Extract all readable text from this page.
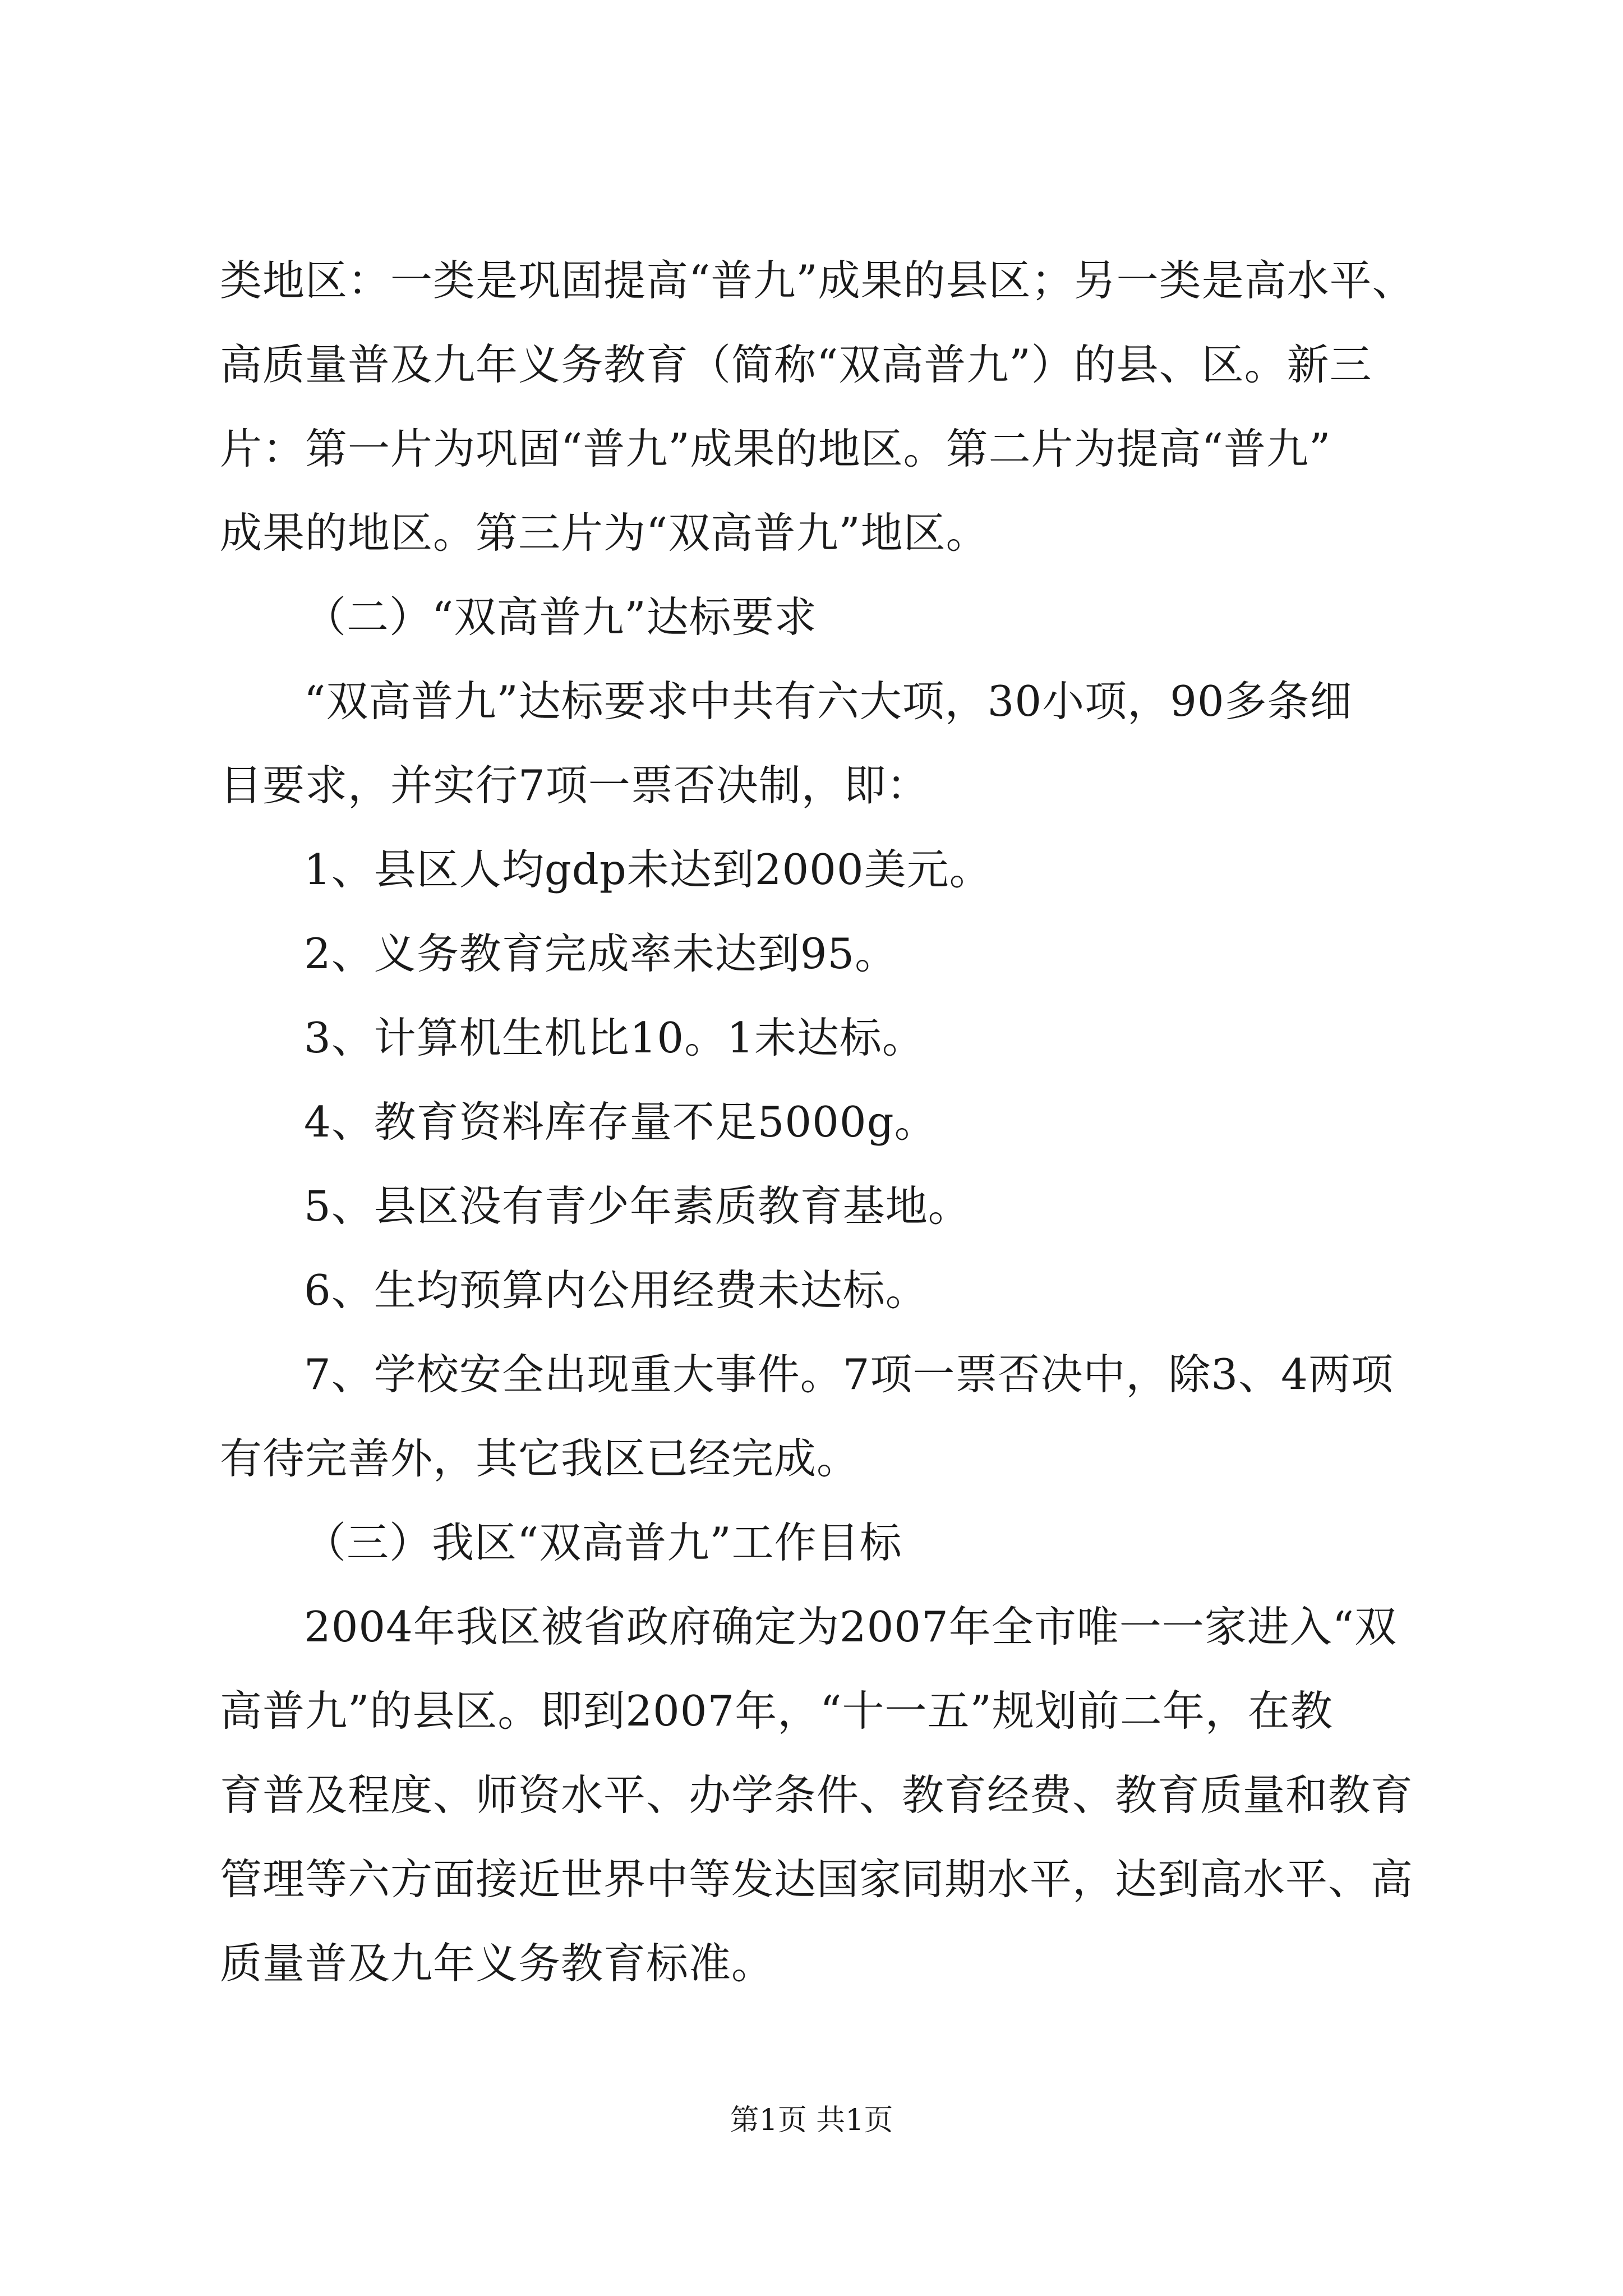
类地区：一类是巩固提高“普九”成果的县区；另一类是高水平、
高质量普及九年义务教育（简称“双高普九”）的县、区。新三
片：第一片为巩固“普九”成果的地区。第二片为提高“普九”
成果的地区。第三片为“双高普九”地区。
（二）“双高普九”达标要求
“双高普九”达标要求中共有六大项，30小项，90多条细
目要求，并实行7项一票否决制，即：
1、县区人均gdp未达到2000美元。
2、义务教育完成率未达到95。
3、计算机生机比10。1未达标。
4、教育资料库存量不足5000g。
5、县区没有青少年素质教育基地。
6、生均预算内公用经费未达标。
7、学校安全出现重大事件。7项一票否决中，除3、4两项
有待完善外，其它我区已经完成。
（三）我区“双高普九”工作目标
2004年我区被省政府确定为2007年全市唯一一家进入“双
高普九”的县区。即到2007年，“十一五”规划前二年，在教
育普及程度、师资水平、办学条件、教育经费、教育质量和教育
管理等六方面接近世界中等发达国家同期水平，达到高水平、高
质量普及九年义务教育标准。
第1页 共1页
